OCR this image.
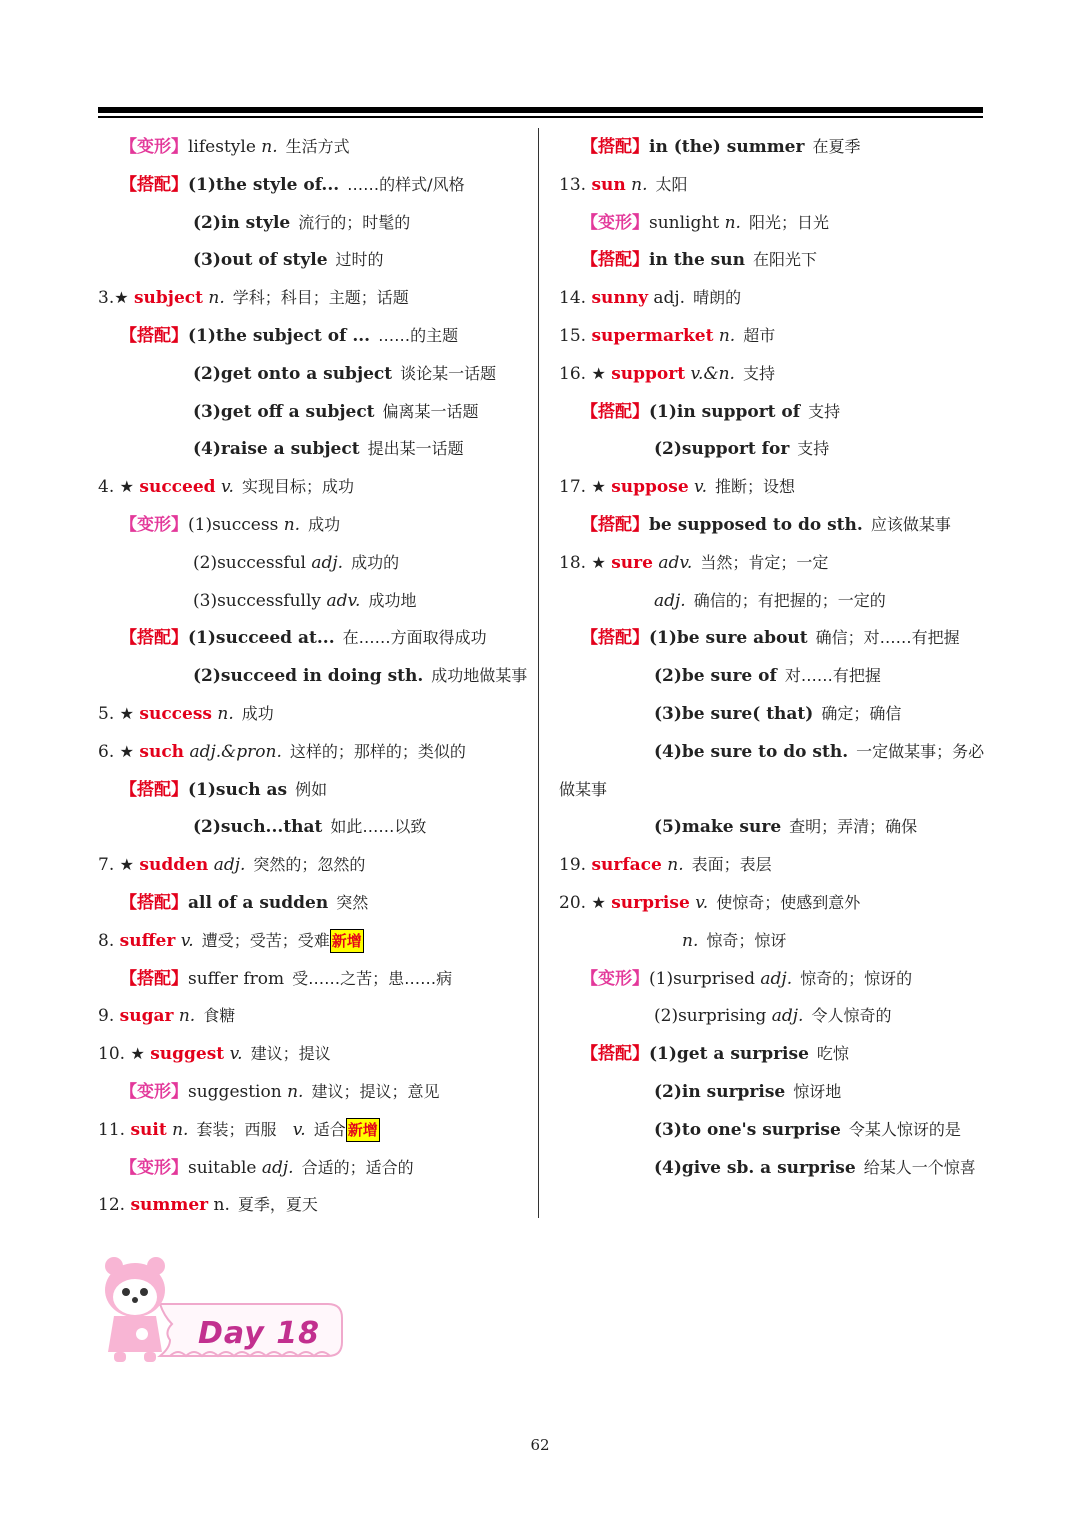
【变形】lifestyle n. 生活方式
【搭配】(1)the style of... ……的样式/风格
(2)in style 流行的；时髦的
(3)out of style 过时的
3.★ subject n. 学科；科目；主题；话题
【搭配】(1)the subject of ... ……的主题
(2)get onto a subject 谈论某一话题
(3)get off a subject 偏离某一话题
(4)raise a subject 提出某一话题
4. ★ succeed v. 实现目标；成功
【变形】(1)success n. 成功
(2)successful adj. 成功的
(3)successfully adv. 成功地
【搭配】(1)succeed at... 在……方面取得成功
(2)succeed in doing sth. 成功地做某事
5. ★ success n. 成功
6. ★ such adj.&pron. 这样的；那样的；类似的
【搭配】(1)such as 例如
(2)such...that 如此……以致
7. ★ sudden adj. 突然的；忽然的
【搭配】all of a sudden 突然
8. suffer v. 遭受；受苦；受难 新增
【搭配】suffer from 受……之苦；患……病
9. sugar n. 食糖
10. ★ suggest v. 建议；提议
【变形】suggestion n. 建议；提议；意见
11. suit n. 套装；西服 v. 适合 新增
【变形】suitable adj. 合适的；适合的
12. summer n. 夏季，夏天
【搭配】in (the) summer 在夏季
13. sun n. 太阳
【变形】sunlight n. 阳光；日光
【搭配】in the sun 在阳光下
14. sunny adj. 晴朗的
15. supermarket n. 超市
16. ★ support v.&n. 支持
【搭配】(1)in support of 支持
(2)support for 支持
17. ★ suppose v. 推断；设想
【搭配】be supposed to do sth. 应该做某事
18. ★ sure adv. 当然；肯定；一定
adj. 确信的；有把握的；一定的
【搭配】(1)be sure about 确信；对……有把握
(2)be sure of 对……有把握
(3)be sure( that) 确定；确信
(4)be sure to do sth. 一定做某事；务必
做某事
(5)make sure 查明；弄清；确保
19. surface n. 表面；表层
20. ★ surprise v. 使惊奇；使感到意外
n. 惊奇；惊讶
【变形】(1)surprised adj. 惊奇的；惊讶的
(2)surprising adj. 令人惊奇的
【搭配】(1)get a surprise 吃惊
(2)in surprise 惊讶地
(3)to one's surprise 令某人惊讶的是
(4)give sb. a surprise 给某人一个惊喜
Day 18
62
